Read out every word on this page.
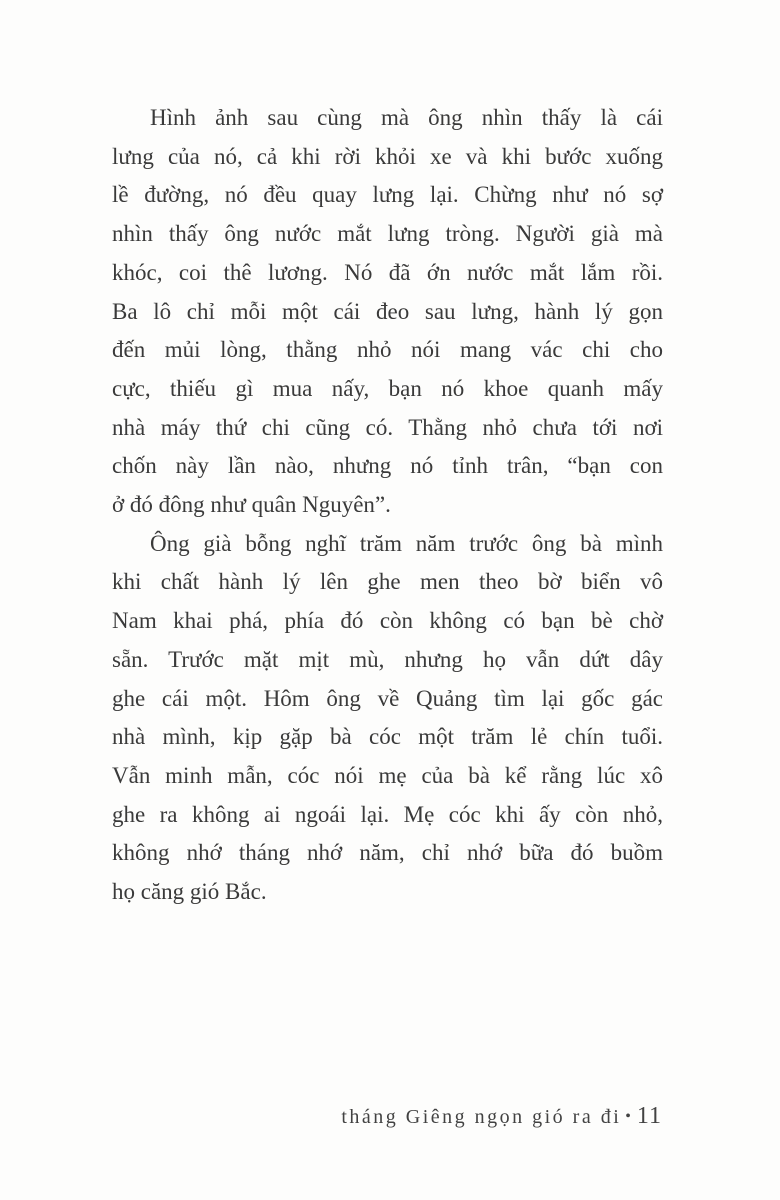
Hình ảnh sau cùng mà ông nhìn thấy là cái
lưng của nó, cả khi rời khỏi xe và khi bước xuống
lề đường, nó đều quay lưng lại. Chừng như nó sợ
nhìn thấy ông nước mắt lưng tròng. Người già mà
khóc, coi thê lương. Nó đã ớn nước mắt lắm rồi.
Ba lô chỉ mỗi một cái đeo sau lưng, hành lý gọn
đến mủi lòng, thằng nhỏ nói mang vác chi cho
cực, thiếu gì mua nấy, bạn nó khoe quanh mấy
nhà máy thứ chi cũng có. Thằng nhỏ chưa tới nơi
chốn này lần nào, nhưng nó tỉnh trân, “bạn con
ở đó đông như quân Nguyên”.
Ông già bỗng nghĩ trăm năm trước ông bà mình
khi chất hành lý lên ghe men theo bờ biển vô
Nam khai phá, phía đó còn không có bạn bè chờ
sẵn. Trước mặt mịt mù, nhưng họ vẫn dứt dây
ghe cái một. Hôm ông về Quảng tìm lại gốc gác
nhà mình, kịp gặp bà cóc một trăm lẻ chín tuổi.
Vẫn minh mẫn, cóc nói mẹ của bà kể rằng lúc xô
ghe ra không ai ngoái lại. Mẹ cóc khi ấy còn nhỏ,
không nhớ tháng nhớ năm, chỉ nhớ bữa đó buồm
họ căng gió Bắc.
tháng Giêng ngọn gió ra đi • 11
